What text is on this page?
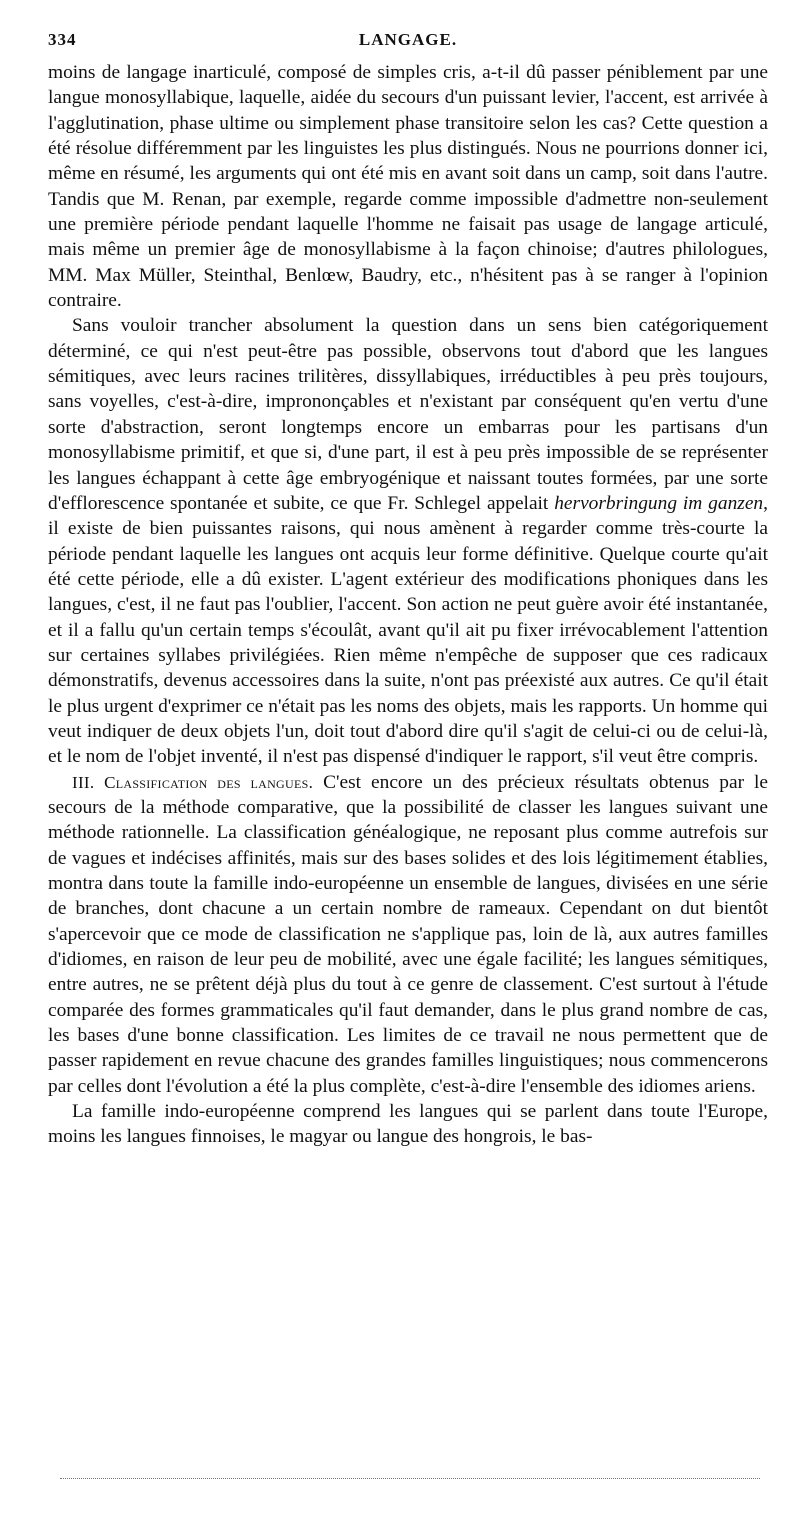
334	LANGAGE.

moins de langage inarticulé, composé de simples cris, a-t-il dû passer péniblement par une langue monosyllabique, laquelle, aidée du secours d'un puissant levier, l'accent, est arrivée à l'agglutination, phase ultime ou simplement phase transitoire selon les cas? Cette question a été résolue différemment par les linguistes les plus distingués. Nous ne pourrions donner ici, même en résumé, les arguments qui ont été mis en avant soit dans un camp, soit dans l'autre. Tandis que M. Renan, par exemple, regarde comme impossible d'admettre non-seulement une première période pendant laquelle l'homme ne faisait pas usage de langage articulé, mais même un premier âge de monosyllabisme à la façon chinoise; d'autres philologues, MM. Max Müller, Steinthal, Benlœw, Baudry, etc., n'hésitent pas à se ranger à l'opinion contraire.

Sans vouloir trancher absolument la question dans un sens bien catégoriquement déterminé, ce qui n'est peut-être pas possible, observons tout d'abord que les langues sémitiques, avec leurs racines trilitères, dissyllabiques, irréductibles à peu près toujours, sans voyelles, c'est-à-dire, imprononçables et n'existant par conséquent qu'en vertu d'une sorte d'abstraction, seront longtemps encore un embarras pour les partisans d'un monosyllabisme primitif, et que si, d'une part, il est à peu près impossible de se représenter les langues échappant à cette âge embryogénique et naissant toutes formées, par une sorte d'efflorescence spontanée et subite, ce que Fr. Schlegel appelait hervorbringung im ganzen, il existe de bien puissantes raisons, qui nous amènent à regarder comme très-courte la période pendant laquelle les langues ont acquis leur forme définitive. Quelque courte qu'ait été cette période, elle a dû exister. L'agent extérieur des modifications phoniques dans les langues, c'est, il ne faut pas l'oublier, l'accent. Son action ne peut guère avoir été instantanée, et il a fallu qu'un certain temps s'écoulât, avant qu'il ait pu fixer irrévocablement l'attention sur certaines syllabes privilégiées. Rien même n'empêche de supposer que ces radicaux démonstratifs, devenus accessoires dans la suite, n'ont pas préexisté aux autres. Ce qu'il était le plus urgent d'exprimer ce n'était pas les noms des objets, mais les rapports. Un homme qui veut indiquer de deux objets l'un, doit tout d'abord dire qu'il s'agit de celui-ci ou de celui-là, et le nom de l'objet inventé, il n'est pas dispensé d'indiquer le rapport, s'il veut être compris.

III. Classification des langues. C'est encore un des précieux résultats obtenus par le secours de la méthode comparative, que la possibilité de classer les langues suivant une méthode rationnelle. La classification généalogique, ne reposant plus comme autrefois sur de vagues et indécises affinités, mais sur des bases solides et des lois légitimement établies, montra dans toute la famille indo-européenne un ensemble de langues, divisées en une série de branches, dont chacune a un certain nombre de rameaux. Cependant on dut bientôt s'apercevoir que ce mode de classification ne s'applique pas, loin de là, aux autres familles d'idiomes, en raison de leur peu de mobilité, avec une égale facilité; les langues sémitiques, entre autres, ne se prêtent déjà plus du tout à ce genre de classement. C'est surtout à l'étude comparée des formes grammaticales qu'il faut demander, dans le plus grand nombre de cas, les bases d'une bonne classification. Les limites de ce travail ne nous permettent que de passer rapidement en revue chacune des grandes familles linguistiques; nous commencerons par celles dont l'évolution a été la plus complète, c'est-à-dire l'ensemble des idiomes ariens.

La famille indo-européenne comprend les langues qui se parlent dans toute l'Europe, moins les langues finnoises, le magyar ou langue des hongrois, le bas-
